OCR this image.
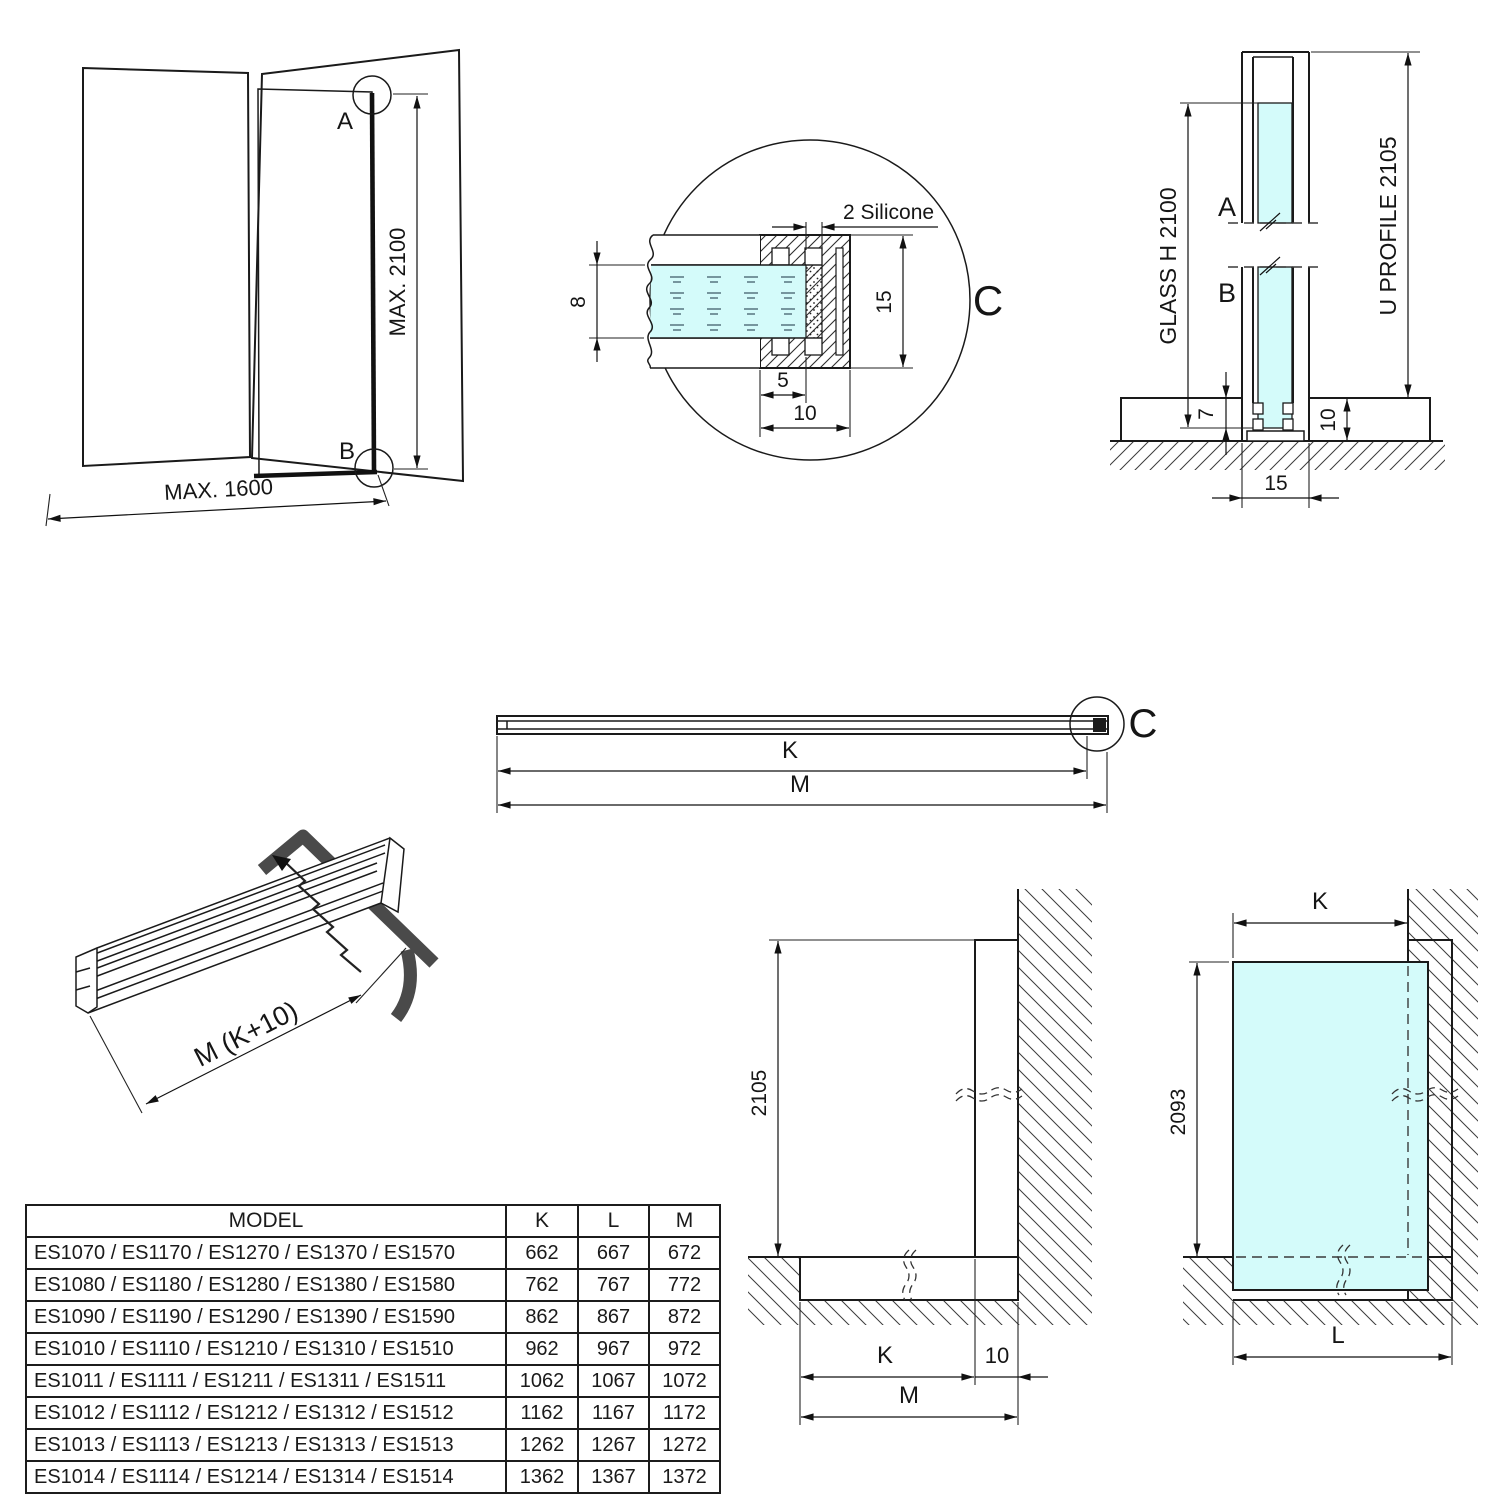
A
B
MAX. 2100
MAX. 1600
8	15
5
10
2 Silicone
C
A
B
GLASS H 2100	U PROFILE 2105
7	10
15
C
K
M
M (K+10)
2105
K	10
M
K
2093
L
MODEL	K	L	M
ES1070 / ES1170 / ES1270 / ES1370 / ES1570	662	667	672
ES1080 / ES1180 / ES1280 / ES1380 / ES1580	762	767	772
ES1090 / ES1190 / ES1290 / ES1390 / ES1590	862	867	872
ES1010 / ES1110 / ES1210 / ES1310 / ES1510	962	967	972
ES1011 / ES1111 / ES1211 / ES1311 / ES1511	1062	1067	1072
ES1012 / ES1112 / ES1212 / ES1312 / ES1512	1162	1167	1172
ES1013 / ES1113 / ES1213 / ES1313 / ES1513	1262	1267	1272
ES1014 / ES1114 / ES1214 / ES1314 / ES1514	1362	1367	1372
